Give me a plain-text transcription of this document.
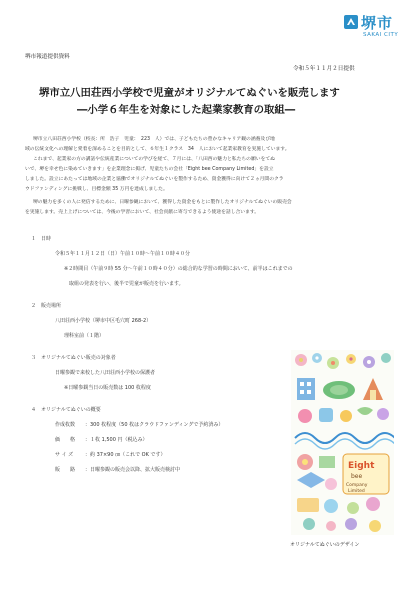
堺市
SAKAI CITY
堺市報道提供資料
令和５年１１月２日提供
堺市立八田荘西小学校で児童がオリジナルてぬぐいを販売します
―小学６年生を対象にした起業家教育の取組―
堺市立八田荘西小学校（校長：所　浩子　児童：　223　人）では、子どもたちの豊かなキャリア観の涵養及び地
域の伝統文化への理解と愛着を深めることを目的として、６年生１クラス　34　人において起業家教育を実施しています。
これまで、起業家の方の講話や伝統産業についての学びを経て、７月には、「八田西の魅力と私たちの願いをてぬ
いで、堺を幸せ色に染めていきます」を企業理念に掲げ、児童たちの会社「Eight bee Company Limited」を設立
しました。設立にあたっては地域の企業と協働でオリジナルてぬぐいを製作するため、資金獲得に向けて２ヵ月間のクラ
ウドファンディングに挑戦し、目標金額 35 万円を達成しました。
堺の魅力を多くの人に発信するために、日曜参観において、獲得した資金をもとに製作したオリジナルてぬぐいの販売会
を実施します。売上上げについては、今後の学習において、社会貢献に寄与できるよう使途を話し合います。
１　日時
令和５年１１月１２日（日）午前１０時～午前１０時４０分
※２時間目（午前９時 55 分～午前１０時４０分）の総合的な学習の時間において、前半はこれまでの
取組の発表を行い、後半で児童が販売を行います。
２　販売場所
八田荘西小学校（堺市中区毛穴町 268-2）
理科室前（１階）
３　オリジナルてぬぐい販売の対象者
日曜参観で来校した八田荘西小学校の保護者
※日曜参観当日の販売数は 100 枚程度
４　オリジナルてぬぐいの概要
作成枚数 ：300 枚程度（50 枚はクラウドファンディングで予約済み）
価　　格 ：１枚 1,500 円（税込み）
サ イ ズ ：約 37×90 ㎝（これで OK です）
販　　路 ：日曜参観の販売会以降、拡大販売検討中	Eight
bee
Company
Limited
オリジナルてぬぐいのデザイン
